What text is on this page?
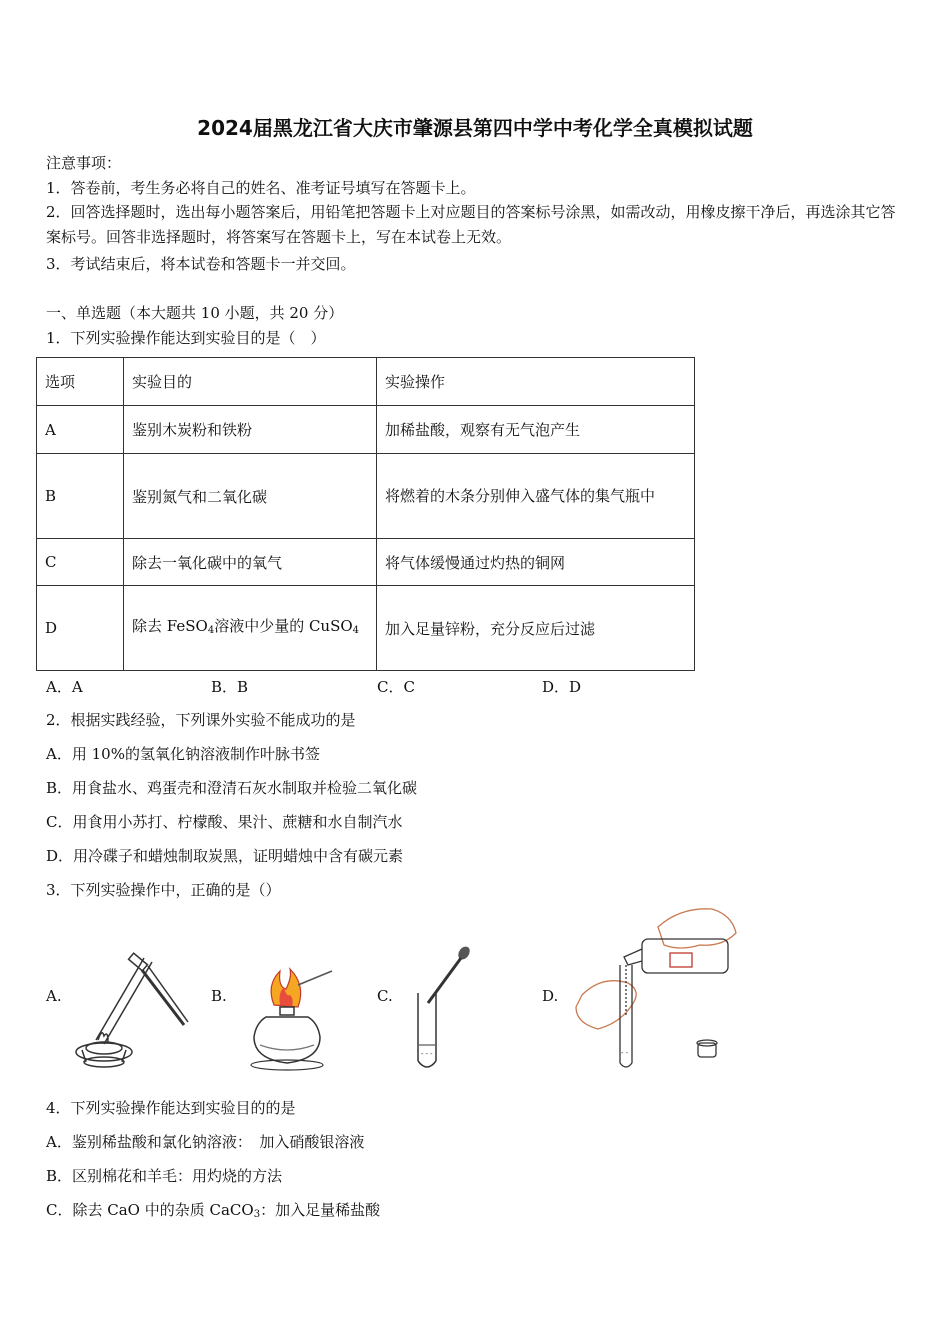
2024届黑龙江省大庆市肇源县第四中学中考化学全真模拟试题
注意事项：
1．答卷前，考生务必将自己的姓名、准考证号填写在答题卡上。
2．回答选择题时，选出每小题答案后，用铅笔把答题卡上对应题目的答案标号涂黑，如需改动，用橡皮擦干净后，再选涂其它答案标号。回答非选择题时，将答案写在答题卡上，写在本试卷上无效。
3．考试结束后，将本试卷和答题卡一并交回。
一、单选题（本大题共 10 小题，共 20 分）
1．下列实验操作能达到实验目的是（　）
选项	实验目的	实验操作
A	鉴别木炭粉和铁粉	加稀盐酸，观察有无气泡产生
B	鉴别氮气和二氧化碳	将燃着的木条分别伸入盛气体的集气瓶中
C	除去一氧化碳中的氧气	将气体缓慢通过灼热的铜网
D	除去 FeSO$_4$溶液中少量的 CuSO$_4$	加入足量锌粉，充分反应后过滤
A．A	B．B	C．C	D．D
2．根据实践经验，下列课外实验不能成功的是
A．用 10%的氢氧化钠溶液制作叶脉书签
B．用食盐水、鸡蛋壳和澄清石灰水制取并检验二氧化碳
C．用食用小苏打、柠檬酸、果汁、蔗糖和水自制汽水
D．用冷碟子和蜡烛制取炭黑，证明蜡烛中含有碳元素
3．下列实验操作中，正确的是（）
A.	B.	C.
- - -
D.
- -
4．下列实验操作能达到实验目的的是
A．鉴别稀盐酸和氯化钠溶液：　加入硝酸银溶液
B．区别棉花和羊毛：用灼烧的方法
C．除去 CaO 中的杂质 CaCO$_3$：加入足量稀盐酸
